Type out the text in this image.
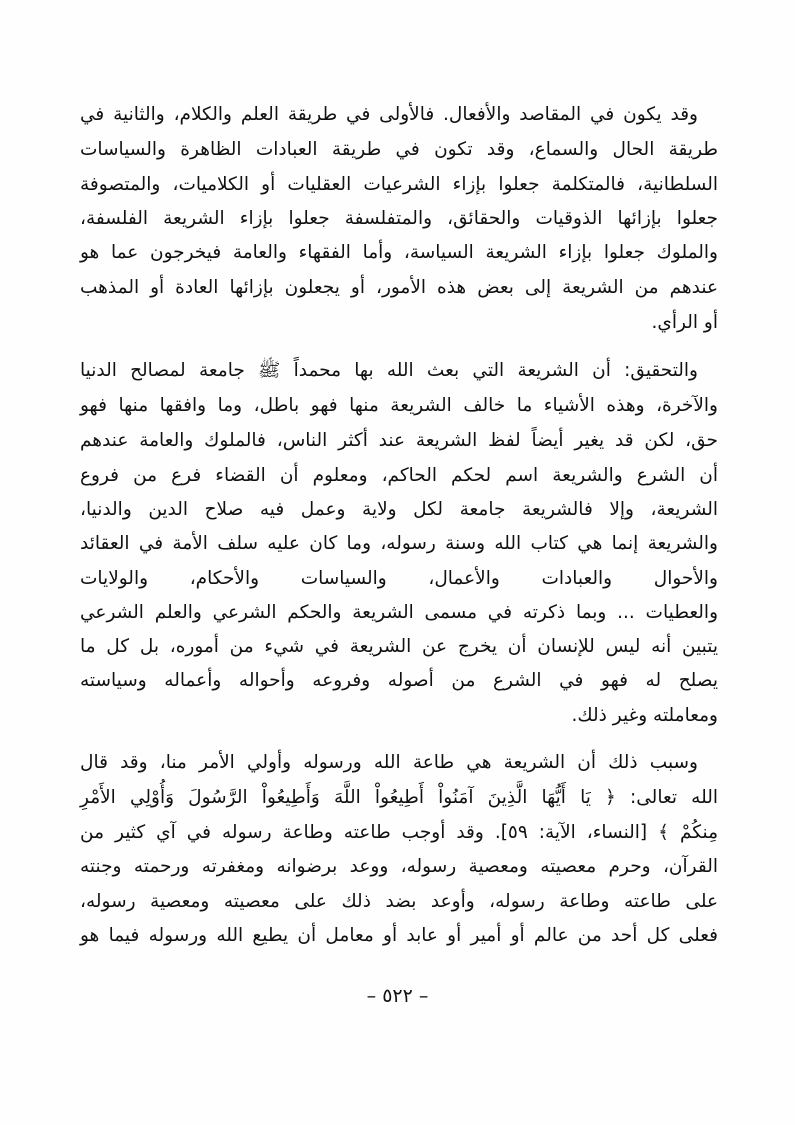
وقد يكون في المقاصد والأفعال. فالأولى في طريقة العلم والكلام، والثانية في
طريقة الحال والسماع، وقد تكون في طريقة العبادات الظاهرة والسياسات
السلطانية، فالمتكلمة جعلوا بإزاء الشرعيات العقليات أو الكلاميات، والمتصوفة
جعلوا بإزائها الذوقيات والحقائق، والمتفلسفة جعلوا بإزاء الشريعة الفلسفة،
والملوك جعلوا بإزاء الشريعة السياسة، وأما الفقهاء والعامة فيخرجون عما هو
عندهم من الشريعة إلى بعض هذه الأمور، أو يجعلون بإزائها العادة أو المذهب
أو الرأي.
والتحقيق: أن الشريعة التي بعث الله بها محمداً ﷺ جامعة لمصالح الدنيا
والآخرة، وهذه الأشياء ما خالف الشريعة منها فهو باطل، وما وافقها منها فهو
حق، لكن قد يغير أيضاً لفظ الشريعة عند أكثر الناس، فالملوك والعامة عندهم
أن الشرع والشريعة اسم لحكم الحاكم، ومعلوم أن القضاء فرع من فروع
الشريعة، وإلا فالشريعة جامعة لكل ولاية وعمل فيه صلاح الدين والدنيا،
والشريعة إنما هي كتاب الله وسنة رسوله، وما كان عليه سلف الأمة في العقائد
والأحوال والعبادات والأعمال، والسياسات والأحكام، والولايات
والعطيات ... وبما ذكرته في مسمى الشريعة والحكم الشرعي والعلم الشرعي
يتبين أنه ليس للإنسان أن يخرج عن الشريعة في شيء من أموره، بل كل ما
يصلح له فهو في الشرع من أصوله وفروعه وأحواله وأعماله وسياسته
ومعاملته وغير ذلك.
وسبب ذلك أن الشريعة هي طاعة الله ورسوله وأولي الأمر منا، وقد قال
الله تعالى: ﴿ يَا أَيُّهَا الَّذِينَ آمَنُواْ أَطِيعُواْ اللَّهَ وَأَطِيعُواْ الرَّسُولَ وَأُوْلِي الأَمْرِ
مِنكُمْ ﴾ [النساء، الآية: ٥٩]. وقد أوجب طاعته وطاعة رسوله في آي كثير من
القرآن، وحرم معصيته ومعصية رسوله، ووعد برضوانه ومغفرته ورحمته وجنته
على طاعته وطاعة رسوله، وأوعد بضد ذلك على معصيته ومعصية رسوله،
فعلى كل أحد من عالم أو أمير أو عابد أو معامل أن يطيع الله ورسوله فيما هو
– ٥٢٢ –
